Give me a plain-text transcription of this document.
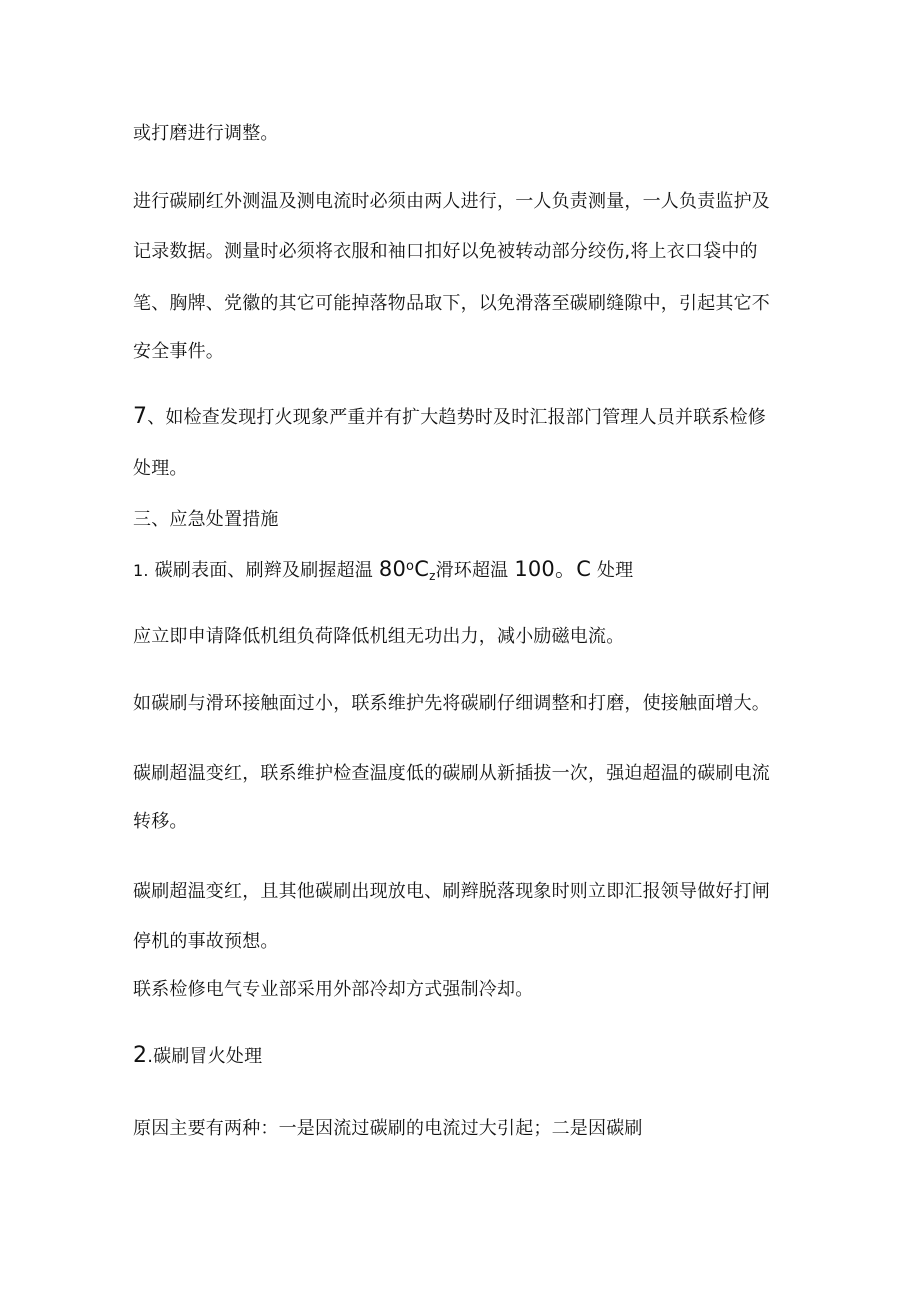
或打磨进行调整。
进行碳刷红外测温及测电流时必须由两人进行，一人负责测量，一人负责监护及
记录数据。测量时必须将衣服和袖口扣好以免被转动部分绞伤,将上衣口袋中的
笔、胸牌、党徽的其它可能掉落物品取下，以免滑落至碳刷缝隙中，引起其它不
安全事件。
7、如检查发现打火现象严重并有扩大趋势时及时汇报部门管理人员并联系检修
处理。
三、应急处置措施
1. 碳刷表面、刷辫及刷握超温 $80^oC_z$滑环超温 100。C 处理
应立即申请降低机组负荷降低机组无功出力，减小励磁电流。
如碳刷与滑环接触面过小，联系维护先将碳刷仔细调整和打磨，使接触面增大。
碳刷超温变红，联系维护检查温度低的碳刷从新插拔一次，强迫超温的碳刷电流
转移。
碳刷超温变红，且其他碳刷出现放电、刷辫脱落现象时则立即汇报领导做好打闸
停机的事故预想。
联系检修电气专业部采用外部冷却方式强制冷却。
2.碳刷冒火处理
原因主要有两种：一是因流过碳刷的电流过大引起；二是因碳刷
